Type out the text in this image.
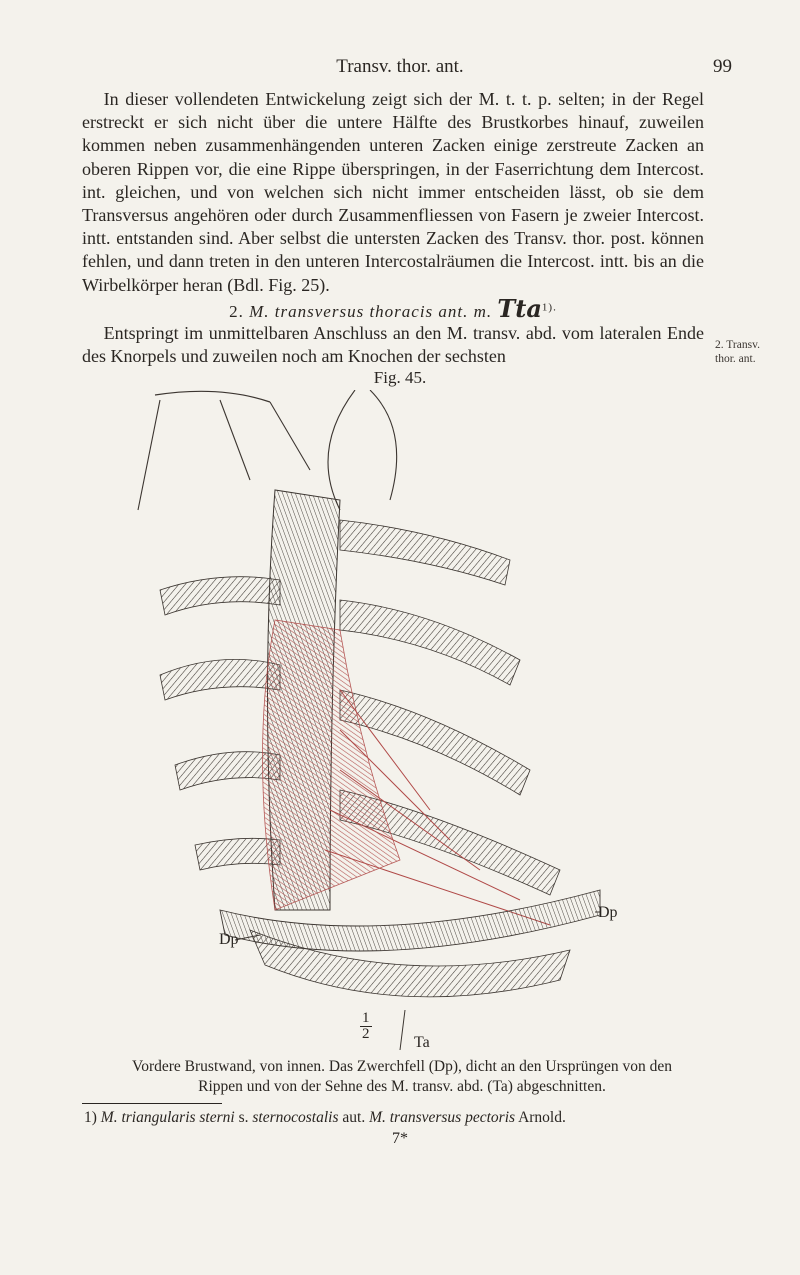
Transv. thor. ant.	99

In dieser vollendeten Entwickelung zeigt sich der M. t. t. p. selten; in der Regel erstreckt er sich nicht über die untere Hälfte des Brustkorbes hinauf, zuweilen kommen neben zusammenhängenden unteren Zacken einige zerstreute Zacken an oberen Rippen vor, die eine Rippe überspringen, in der Faserrichtung dem Intercost. int. gleichen, und von welchen sich nicht immer entscheiden lässt, ob sie dem Transversus angehören oder durch Zusammenfliessen von Fasern je zweier Intercost. intt. entstanden sind. Aber selbst die untersten Zacken des Transv. thor. post. können fehlen, und dann treten in den unteren Intercostalräumen die Intercost. intt. bis an die Wirbelkörper heran (Bdl. Fig. 25).

2. M. transversus thoracis ant. m. Tta$^{1).}$

Entspringt im unmittelbaren Anschluss an den M. transv. abd. vom lateralen Ende des Knorpels und zuweilen noch am Knochen der sechsten

2. Transv.
thor. ant.
Fig. 45.
Dp
Dp
$\frac{1}{2}$
Ta
Vordere Brustwand, von innen. Das Zwerchfell (Dp), dicht an den Ursprüngen von den
Rippen und von der Sehne des M. transv. abd. (Ta) abgeschnitten.
1) M. triangularis sterni s. sternocostalis aut. M. transversus pectoris Arnold.
7*
